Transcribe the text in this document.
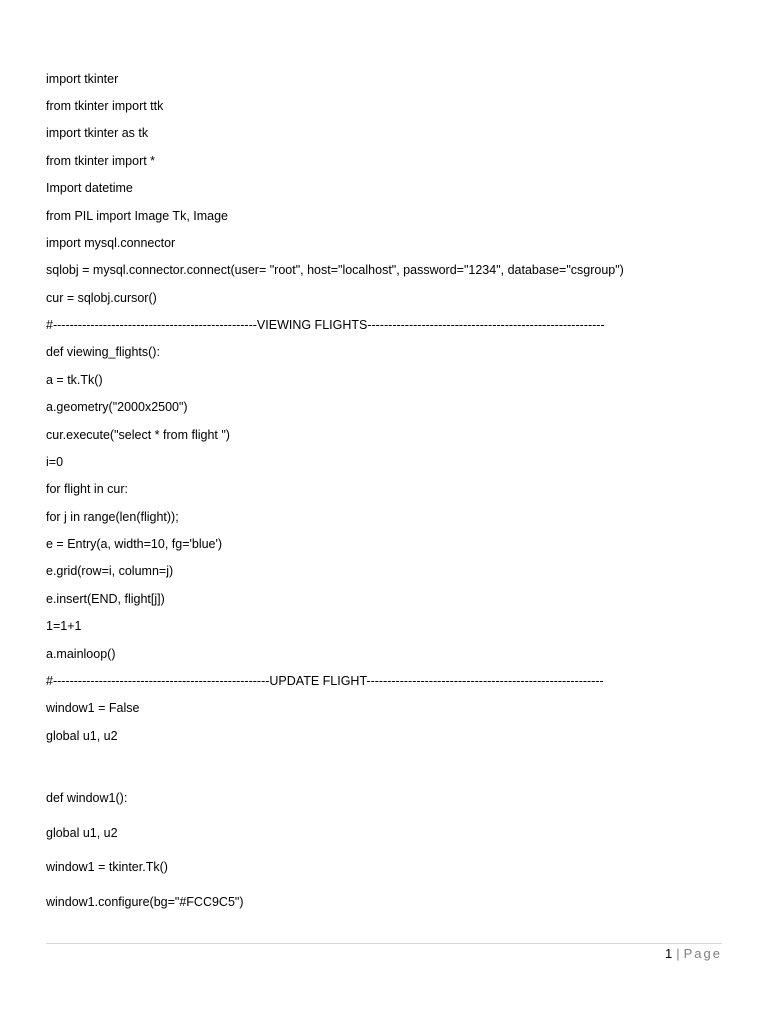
import tkinter
from tkinter import ttk
import tkinter as tk
from tkinter import *
Import datetime
from PIL import Image Tk, Image
import mysql.connector
sqlobj = mysql.connector.connect(user= "root", host="localhost", password="1234", database="csgroup")
cur = sqlobj.cursor()
#-------------------------------------------------VIEWING FLIGHTS---------------------------------------------------------
def viewing_flights():
a = tk.Tk()
a.geometry("2000x2500")
cur.execute("select * from flight ")
i=0
for flight in cur:
for j in range(len(flight));
e = Entry(a, width=10, fg='blue')
e.grid(row=i, column=j)
e.insert(END, flight[j])
1=1+1
a.mainloop()
#----------------------------------------------------UPDATE FLIGHT---------------------------------------------------------
window1 = False
global u1, u2
def window1():
global u1, u2
window1 = tkinter.Tk()
window1.configure(bg="#FCC9C5")
1 | Page
